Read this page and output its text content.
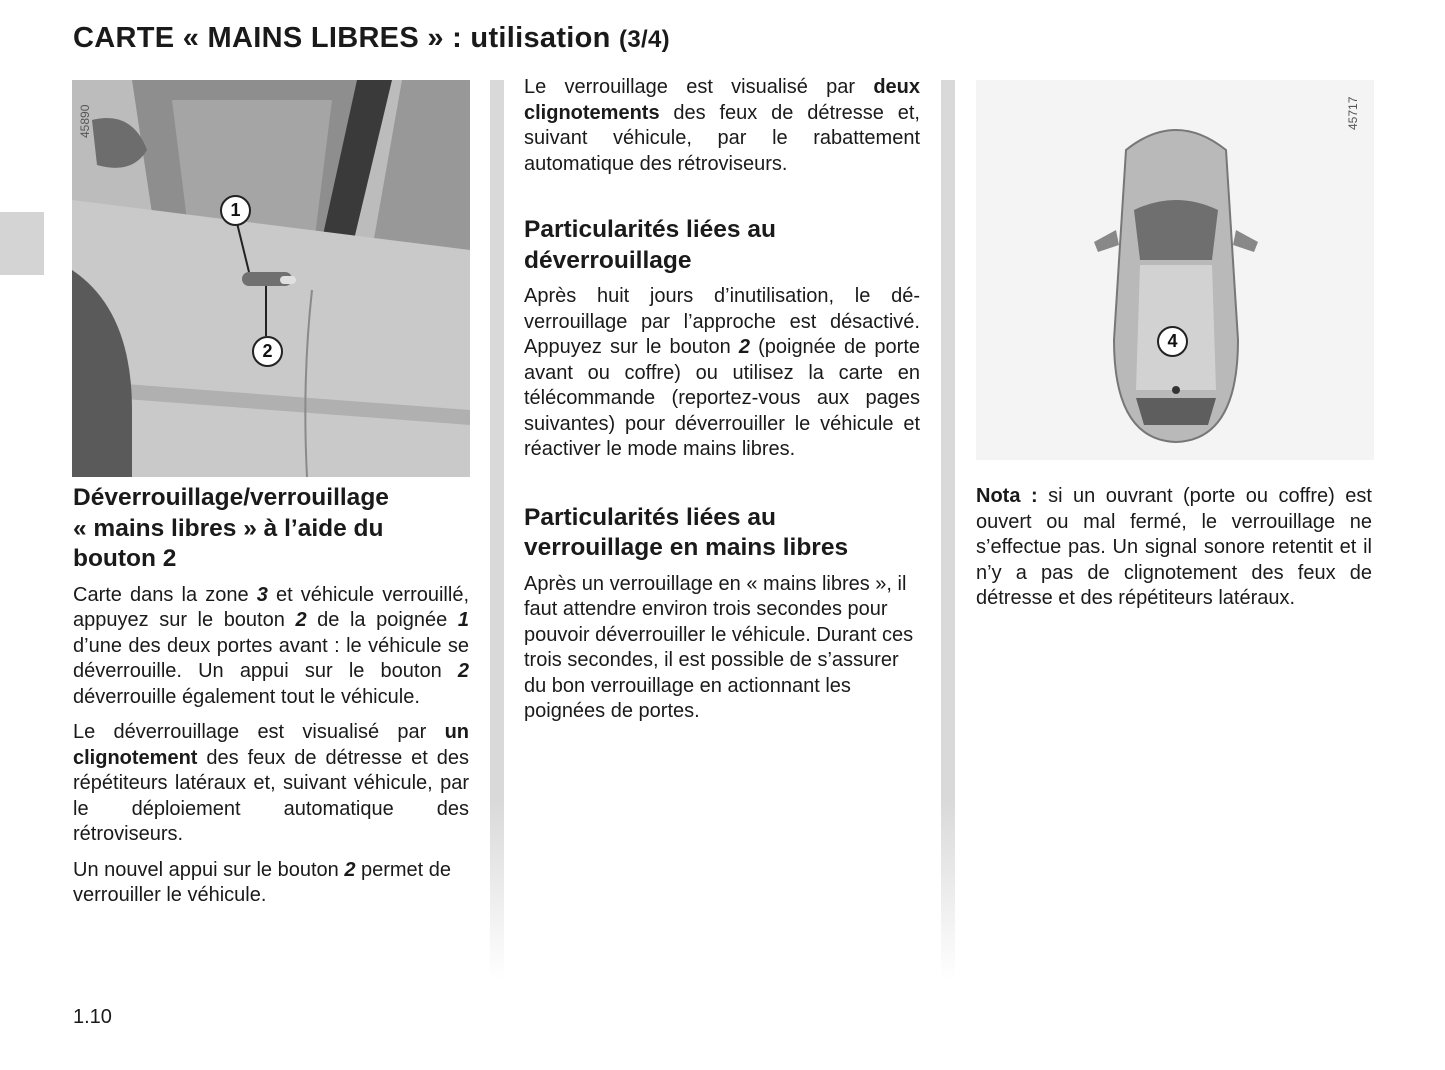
CARTE « MAINS LIBRES » : utilisation (3/4)
45890
1
2
45717
4
Déverrouillage/verrouillage
« mains libres » à l’aide du
bouton 2

Carte dans la zone 3 et véhicule verrouillé, appuyez sur le bouton 2 de la poignée 1 d’une des deux portes avant : le véhicule se déverrouille. Un appui sur le bouton 2 déverrouille également tout le véhicule.

Le déverrouillage est visualisé par un clignotement des feux de détresse et des répétiteurs latéraux et, suivant véhicule, par le déploiement automatique des rétroviseurs.

Un nouvel appui sur le bouton 2 permet de verrouiller le véhicule.

Le verrouillage est visualisé par deux clignotements des feux de détresse et, suivant véhicule, par le rabattement automatique des rétroviseurs.

Particularités liées au
déverrouillage

Après huit jours d’inutilisation, le déverrouillage par l’approche est désactivé. Appuyez sur le bouton 2 (poignée de porte avant ou coffre) ou utilisez la carte en télécommande (reportez-vous aux pages suivantes) pour déverrouiller le véhicule et réactiver le mode mains libres.

Particularités liées au
verrouillage en mains libres

Après un verrouillage en « mains libres », il faut attendre environ trois secondes pour pouvoir déverrouiller le véhicule. Durant ces trois secondes, il est possible de s’assurer du bon verrouillage en actionnant les poignées de portes.

Nota : si un ouvrant (porte ou coffre) est ouvert ou mal fermé, le verrouillage ne s’effectue pas. Un signal sonore retentit et il n’y a pas de clignotement des feux de détresse et des répétiteurs latéraux.

1.10
